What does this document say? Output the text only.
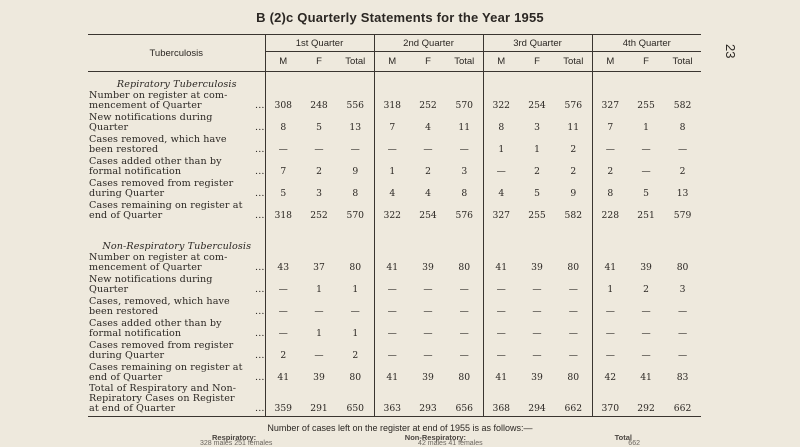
B (2)c Quarterly Statements for the Year 1955
23
Tuberculosis	1st Quarter			2nd Quarter			3rd Quarter			4th Quarter		
	M	F	Total	M	F	Total	M	F	Total	M	F	Total
Repiratory Tuberculosis												

Number on register at com-
mencement of Quarter ...	308	248	556	318	252	570	322	254	576	327	255	582

New notifications during
Quarter ...	8	5	13	7	4	11	8	3	11	7	1	8

Cases removed, which have
been restored ...	—	—	—	—	—	—	1	1	2	—	—	—

Cases added other than by
formal notification ...	7	2	9	1	2	3	—	2	2	2	—	2

Cases removed from register
during Quarter ...	5	3	8	4	4	8	4	5	9	8	5	13

Cases remaining on register at
end of Quarter ...	318	252	570	322	254	576	327	255	582	228	251	579

Non-Respiratory Tuberculosis												

Number on register at com-
mencement of Quarter ...	43	37	80	41	39	80	41	39	80	41	39	80

New notifications during
Quarter ...	—	1	1	—	—	—	—	—	—	1	2	3

Cases, removed, which have
been restored ...	—	—	—	—	—	—	—	—	—	—	—	—

Cases added other than by
formal notification ...	—	1	1	—	—	—	—	—	—	—	—	—

Cases removed from register
during Quarter ...	2	—	2	—	—	—	—	—	—	—	—	—

Cases remaining on register at
end of Quarter ...	41	39	80	41	39	80	41	39	80	42	41	83

Total of Respiratory and Non-
Repiratory Cases on Register
at end of Quarter ...	359	291	650	363	293	656	368	294	662	370	292	662
Number of cases left on the register at end of 1955 is as follows:—
Respiratory:	Non-Respiratory:	Total
328 males 251 females	42 males 41 females	662
